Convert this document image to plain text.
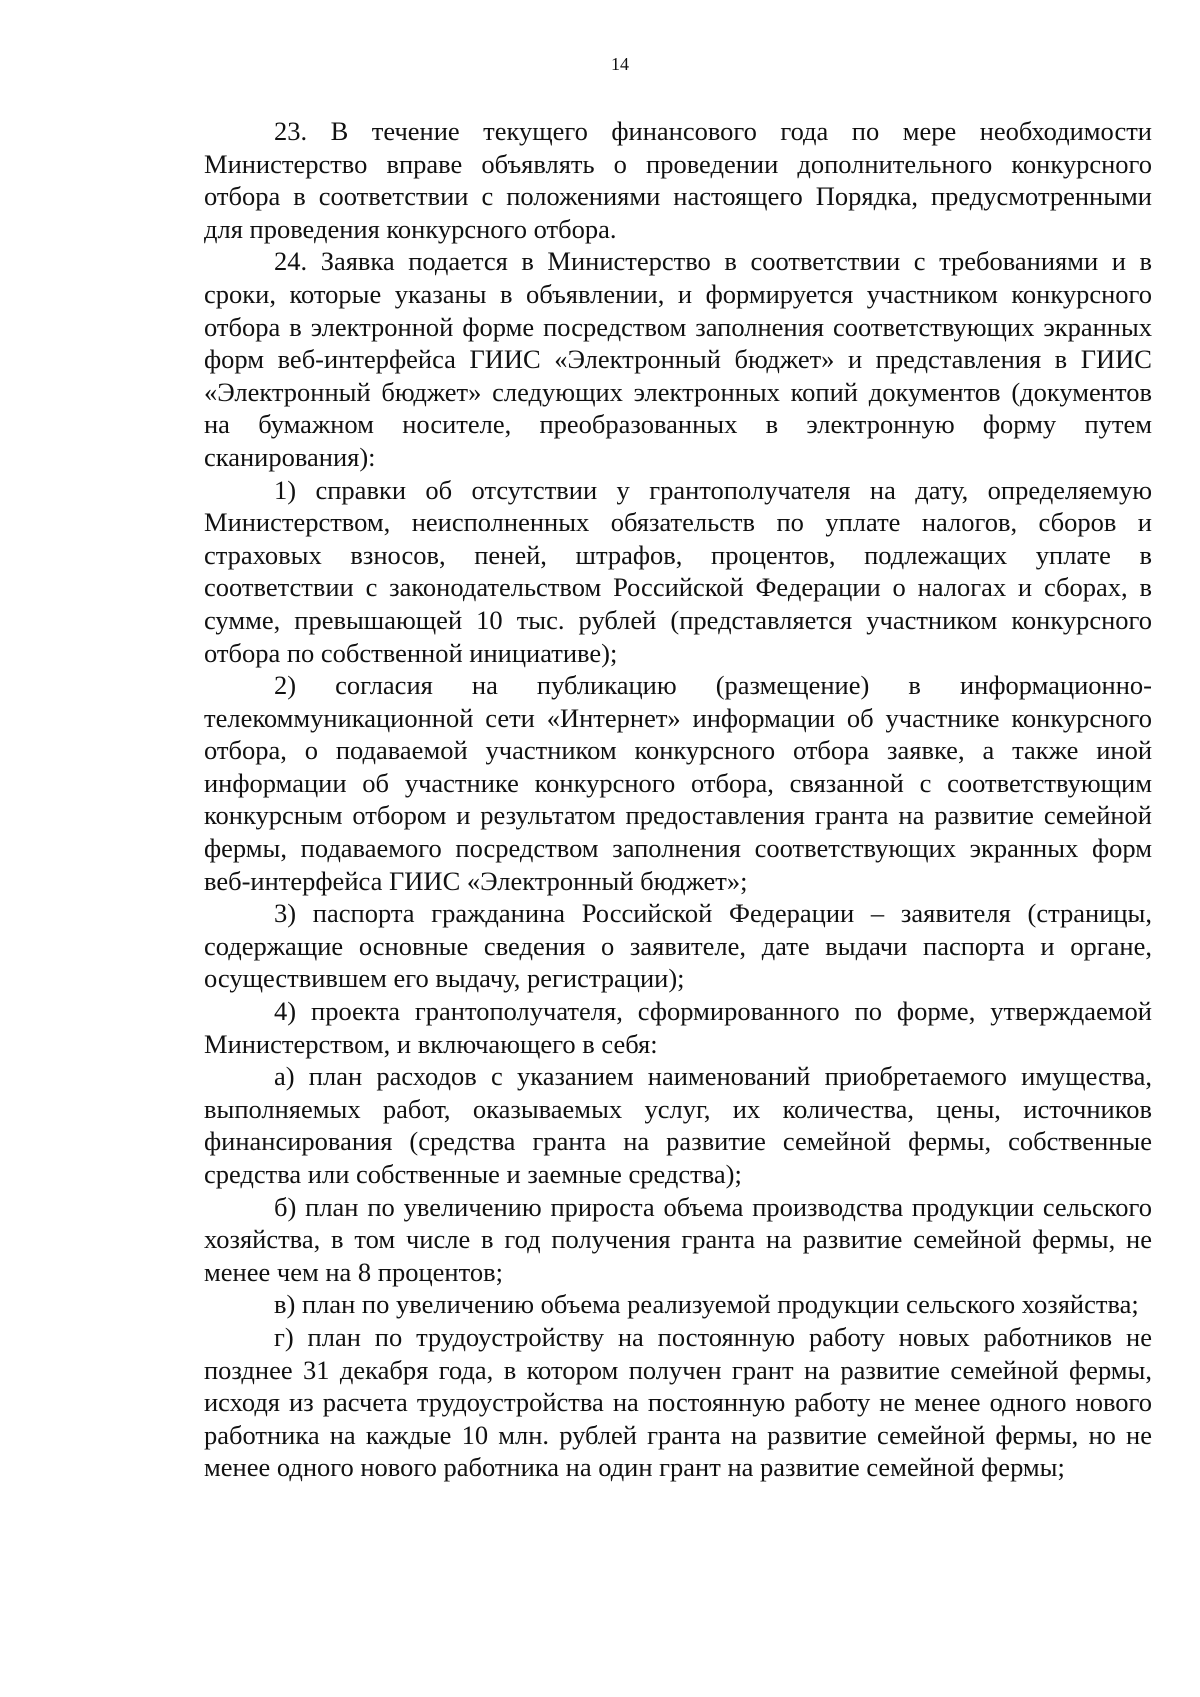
14

23. В течение текущего финансового года по мере необходимости Министерство вправе объявлять о проведении дополнительного конкурсного отбора в соответствии с положениями настоящего Порядка, предусмотренными для проведения конкурсного отбора.

24. Заявка подается в Министерство в соответствии с требованиями и в сроки, которые указаны в объявлении, и формируется участником конкурсного отбора в электронной форме посредством заполнения соответствующих экранных форм веб-интерфейса ГИИС «Электронный бюджет» и представления в ГИИС «Электронный бюджет» следующих электронных копий документов (документов на бумажном носителе, преобразованных в электронную форму путем сканирования):

1) справки об отсутствии у грантополучателя на дату, определяемую Министерством, неисполненных обязательств по уплате налогов, сборов и страховых взносов, пеней, штрафов, процентов, подлежащих уплате в соответствии с законодательством Российской Федерации о налогах и сборах, в сумме, превышающей 10 тыс. рублей (представляется участником конкурсного отбора по собственной инициативе);

2) согласия на публикацию (размещение) в информационно-телекоммуникационной сети «Интернет» информации об участнике конкурсного отбора, о подаваемой участником конкурсного отбора заявке, а также иной информации об участнике конкурсного отбора, связанной с соответствующим конкурсным отбором и результатом предоставления гранта на развитие семейной фермы, подаваемого посредством заполнения соответствующих экранных форм веб-интерфейса ГИИС «Электронный бюджет»;

3) паспорта гражданина Российской Федерации – заявителя (страницы, содержащие основные сведения о заявителе, дате выдачи паспорта и органе, осуществившем его выдачу, регистрации);

4) проекта грантополучателя, сформированного по форме, утверждаемой Министерством, и включающего в себя:

а) план расходов с указанием наименований приобретаемого имущества, выполняемых работ, оказываемых услуг, их количества, цены, источников финансирования (средства гранта на развитие семейной фермы, собственные средства или собственные и заемные средства);

б) план по увеличению прироста объема производства продукции сельского хозяйства, в том числе в год получения гранта на развитие семейной фермы, не менее чем на 8 процентов;

в) план по увеличению объема реализуемой продукции сельского хозяйства;

г) план по трудоустройству на постоянную работу новых работников не позднее 31 декабря года, в котором получен грант на развитие семейной фермы, исходя из расчета трудоустройства на постоянную работу не менее одного нового работника на каждые 10 млн. рублей гранта на развитие семейной фермы, но не менее одного нового работника на один грант на развитие семейной фермы;
